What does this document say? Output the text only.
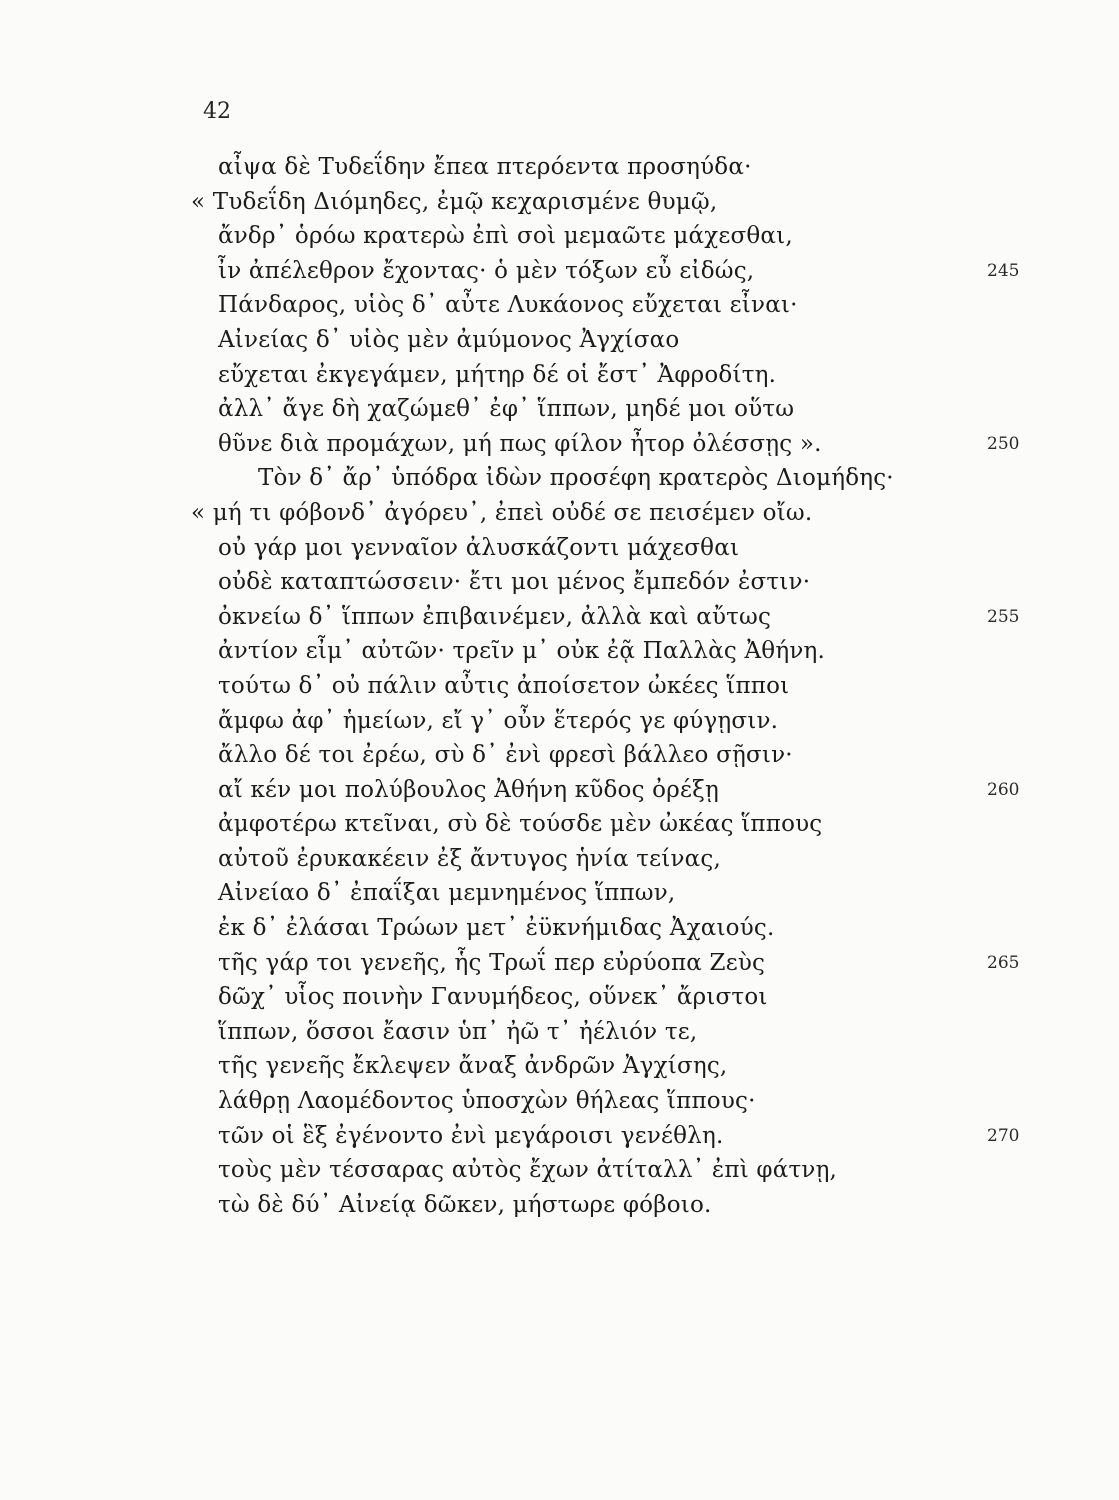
42
αἶψα δὲ Τυδεΐδην ἔπεα πτερόεντα προσηύδα·
« Τυδεΐδη Διόμηδες, ἐμῷ κεχαρισμένε θυμῷ,
ἄνδρ᾽ ὁρόω κρατερὼ ἐπὶ σοὶ μεμαῶτε μάχεσθαι,
ἶν ἀπέλεθρον ἔχοντας· ὁ μὲν τόξων εὖ εἰδώς,	245
Πάνδαρος, υἱὸς δ᾽ αὖτε Λυκάονος εὔχεται εἶναι·
Αἰνείας δ᾽ υἱὸς μὲν ἀμύμονος Ἀγχίσαο
εὔχεται ἐκγεγάμεν, μήτηρ δέ οἱ ἔστ᾽ Ἀφροδίτη.
ἀλλ᾽ ἄγε δὴ χαζώμεθ᾽ ἐφ᾽ ἵππων, μηδέ μοι οὕτω
θῦνε διὰ προμάχων, μή πως φίλον ἦτορ ὀλέσσῃς ».	250
Τὸν δ᾽ ἄρ᾽ ὑπόδρα ἰδὼν προσέφη κρατερὸς Διομήδης·
« μή τι φόβονδ᾽ ἀγόρευ᾽, ἐπεὶ οὐδέ σε πεισέμεν οἴω.
οὐ γάρ μοι γενναῖον ἀλυσκάζοντι μάχεσθαι
οὐδὲ καταπτώσσειν· ἔτι μοι μένος ἔμπεδόν ἐστιν·
ὀκνείω δ᾽ ἵππων ἐπιβαινέμεν, ἀλλὰ καὶ αὔτως	255
ἀντίον εἶμ᾽ αὐτῶν· τρεῖν μ᾽ οὐκ ἐᾷ Παλλὰς Ἀθήνη.
τούτω δ᾽ οὐ πάλιν αὖτις ἀποίσετον ὠκέες ἵπποι
ἄμφω ἀφ᾽ ἡμείων, εἴ γ᾽ οὖν ἕτερός γε φύγῃσιν.
ἄλλο δέ τοι ἐρέω, σὺ δ᾽ ἐνὶ φρεσὶ βάλλεο σῇσιν·
αἴ κέν μοι πολύβουλος Ἀθήνη κῦδος ὀρέξῃ	260
ἀμφοτέρω κτεῖναι, σὺ δὲ τούσδε μὲν ὠκέας ἵππους
αὐτοῦ ἐρυκακέειν ἐξ ἄντυγος ἡνία τείνας,
Αἰνείαο δ᾽ ἐπαΐξαι μεμνημένος ἵππων,
ἐκ δ᾽ ἐλάσαι Τρώων μετ᾽ ἐϋκνήμιδας Ἀχαιούς.
τῆς γάρ τοι γενεῆς, ἧς Τρωΐ περ εὐρύοπα Ζεὺς	265
δῶχ᾽ υἷος ποινὴν Γανυμήδεος, οὕνεκ᾽ ἄριστοι
ἵππων, ὅσσοι ἔασιν ὑπ᾽ ἠῶ τ᾽ ἠέλιόν τε,
τῆς γενεῆς ἔκλεψεν ἄναξ ἀνδρῶν Ἀγχίσης,
λάθρῃ Λαομέδοντος ὑποσχὼν θήλεας ἵππους·
τῶν οἱ ἓξ ἐγένοντο ἐνὶ μεγάροισι γενέθλη.	270
τοὺς μὲν τέσσαρας αὐτὸς ἔχων ἀτίταλλ᾽ ἐπὶ φάτνῃ,
τὼ δὲ δύ᾽ Αἰνείᾳ δῶκεν, μήστωρε φόβοιο.
